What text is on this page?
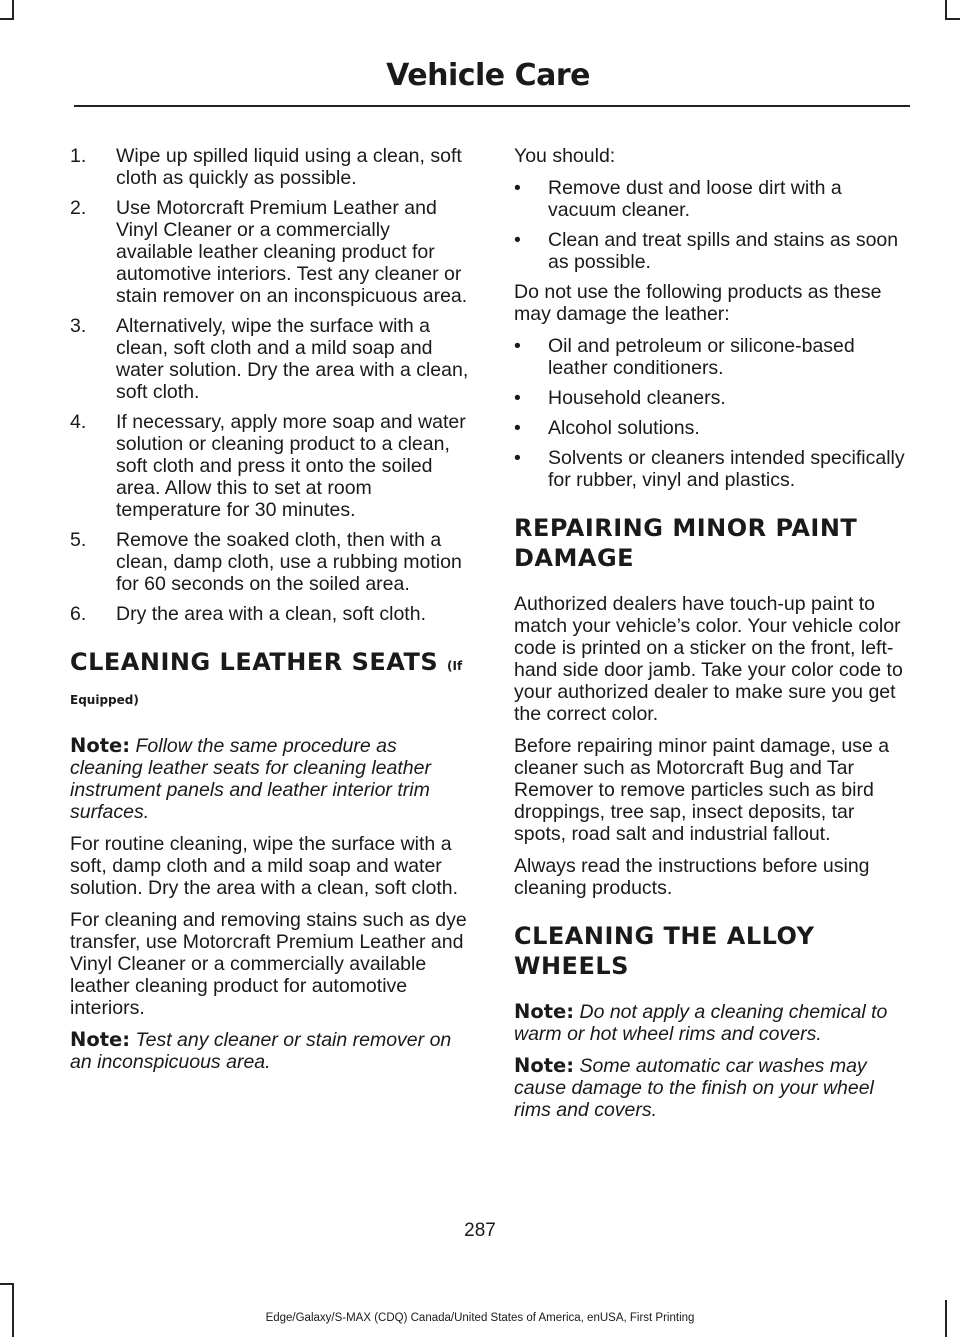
Vehicle Care
1.	Wipe up spilled liquid using a clean, soft cloth as quickly as possible.
2.	Use Motorcraft Premium Leather and Vinyl Cleaner or a commercially available leather cleaning product for automotive interiors. Test any cleaner or stain remover on an inconspicuous area.
3.	Alternatively, wipe the surface with a clean, soft cloth and a mild soap and water solution. Dry the area with a clean, soft cloth.
4.	If necessary, apply more soap and water solution or cleaning product to a clean, soft cloth and press it onto the soiled area. Allow this to set at room temperature for 30 minutes.
5.	Remove the soaked cloth, then with a clean, damp cloth, use a rubbing motion for 60 seconds on the soiled area.
6.	Dry the area with a clean, soft cloth.
CLEANING LEATHER SEATS (If Equipped)

Note: Follow the same procedure as cleaning leather seats for cleaning leather instrument panels and leather interior trim surfaces.

For routine cleaning, wipe the surface with a soft, damp cloth and a mild soap and water solution. Dry the area with a clean, soft cloth.

For cleaning and removing stains such as dye transfer, use Motorcraft Premium Leather and Vinyl Cleaner or a commercially available leather cleaning product for automotive interiors.

Note: Test any cleaner or stain remover on an inconspicuous area.

You should:

•	Remove dust and loose dirt with a vacuum cleaner.
•	Clean and treat spills and stains as soon as possible.

Do not use the following products as these may damage the leather:

•	Oil and petroleum or silicone-based leather conditioners.
•	Household cleaners.
•	Alcohol solutions.
•	Solvents or cleaners intended specifically for rubber, vinyl and plastics.
REPAIRING MINOR PAINT DAMAGE

Authorized dealers have touch-up paint to match your vehicle’s color. Your vehicle color code is printed on a sticker on the front, left-hand side door jamb. Take your color code to your authorized dealer to make sure you get the correct color.

Before repairing minor paint damage, use a cleaner such as Motorcraft Bug and Tar Remover to remove particles such as bird droppings, tree sap, insect deposits, tar spots, road salt and industrial fallout.

Always read the instructions before using cleaning products.

CLEANING THE ALLOY WHEELS

Note: Do not apply a cleaning chemical to warm or hot wheel rims and covers.

Note: Some automatic car washes may cause damage to the finish on your wheel rims and covers.

287
Edge/Galaxy/S-MAX (CDQ) Canada/United States of America, enUSA, First Printing
